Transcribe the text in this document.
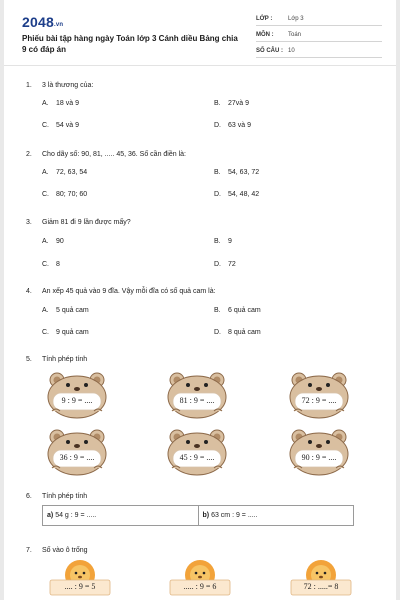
2048.vn
Phiếu bài tập hàng ngày Toán lớp 3 Cánh diều Bảng chia 9 có đáp án
LỚP :	Lớp 3
MÔN : Toán
SỐ CÂU : 10
1. 3 là thương của:
A. 18 và 9	B. 27và 9
C. 54 và 9	D. 63 và 9
2. Cho dãy số: 90, 81, ..... 45, 36. Số cần điền là:
A. 72, 63, 54	B. 54, 63, 72
C. 80; 70; 60	D. 54, 48, 42
3. Giảm 81 đi 9 lần được mấy?
A. 90	B. 9
C. 8	D. 72
4. An xếp 45 quả vào 9 đĩa. Vậy mỗi đĩa có số quả cam là:
A. 5 quả cam	B. 6 quả cam
C. 9 quả cam	D. 8 quả cam
5. Tính phép tính
9 : 9 = ....	81 : 9 = ....	72 : 9 = ....
36 : 9 = ....	45 : 9 = ....	90 : 9 = ....
6. Tính phép tính
a) 54 g : 9 = .....	b) 63 cm : 9 = .....
7. Số vào ô trống
.... : 9 = 5	..... : 9 = 6	72 : .....= 8
